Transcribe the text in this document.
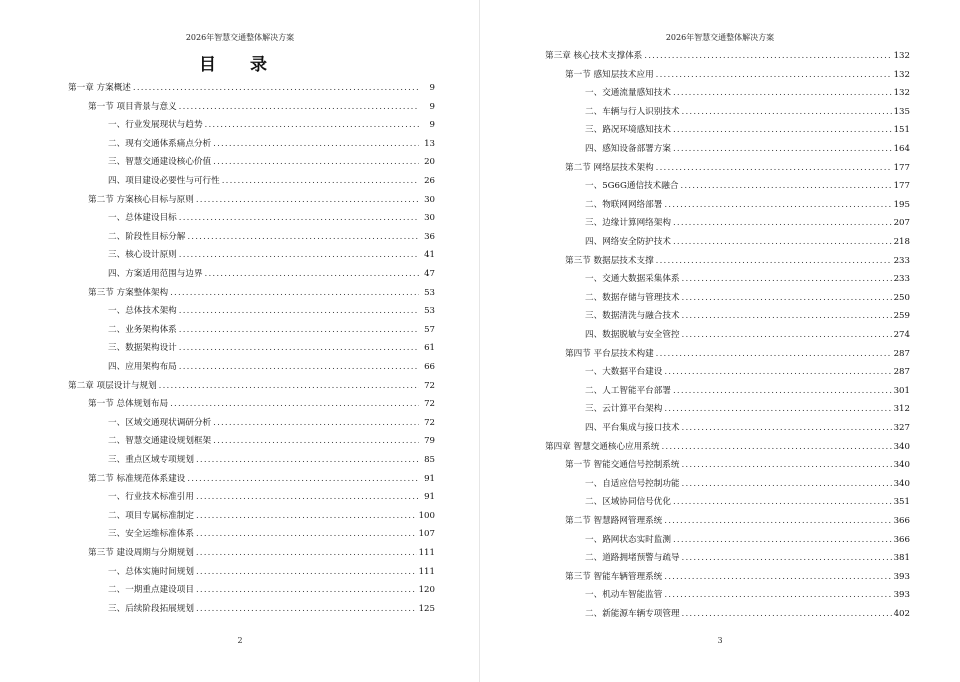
2026年智慧交通整体解决方案
目 录
第一章 方案概述 .....	9
第一节 项目背景与意义 .....	9
一、行业发展现状与趋势 .....	9
二、现有交通体系痛点分析 .....	13
三、智慧交通建设核心价值 .....	20
四、项目建设必要性与可行性 .....	26
第二节 方案核心目标与原则 .....	30
一、总体建设目标 .....	30
二、阶段性目标分解 .....	36
三、核心设计原则 .....	41
四、方案适用范围与边界 .....	47
第三节 方案整体架构 .....	53
一、总体技术架构 .....	53
二、业务架构体系 .....	57
三、数据架构设计 .....	61
四、应用架构布局 .....	66
第二章 项层设计与规划 .....	72
第一节 总体规划布局 .....	72
一、区域交通现状调研分析 .....	72
二、智慧交通建设规划框架 .....	79
三、重点区域专项规划 .....	85
第二节 标准规范体系建设 .....	91
一、行业技术标准引用 .....	91
二、项目专属标准制定 .....	100
三、安全运维标准体系 .....	107
第三节 建设周期与分期规划 .....	111
一、总体实施时间规划 .....	111
二、一期重点建设项目 .....	120
三、后续阶段拓展规划 .....	125
2
2026年智慧交通整体解决方案
第三章 核心技术支撑体系 .....	132
第一节 感知层技术应用 .....	132
一、交通流量感知技术 .....	132
二、车辆与行人识别技术 .....	135
三、路况环境感知技术 .....	151
四、感知设备部署方案 .....	164
第二节 网络层技术架构 .....	177
一、5G6G通信技术融合 .....	177
二、物联网网络部署 .....	195
三、边缘计算网络架构 .....	207
四、网络安全防护技术 .....	218
第三节 数据层技术支撑 .....	233
一、交通大数据采集体系 .....	233
二、数据存储与管理技术 .....	250
三、数据清洗与融合技术 .....	259
四、数据脱敏与安全管控 .....	274
第四节 平台层技术构建 .....	287
一、大数据平台建设 .....	287
二、人工智能平台部署 .....	301
三、云计算平台架构 .....	312
四、平台集成与接口技术 .....	327
第四章 智慧交通核心应用系统 .....	340
第一节 智能交通信号控制系统 .....	340
一、自适应信号控制功能 .....	340
二、区域协同信号优化 .....	351
第二节 智慧路网管理系统 .....	366
一、路网状态实时监测 .....	366
二、道路拥堵预警与疏导 .....	381
第三节 智能车辆管理系统 .....	393
一、机动车智能监管 .....	393
二、新能源车辆专项管理 .....	402
3
